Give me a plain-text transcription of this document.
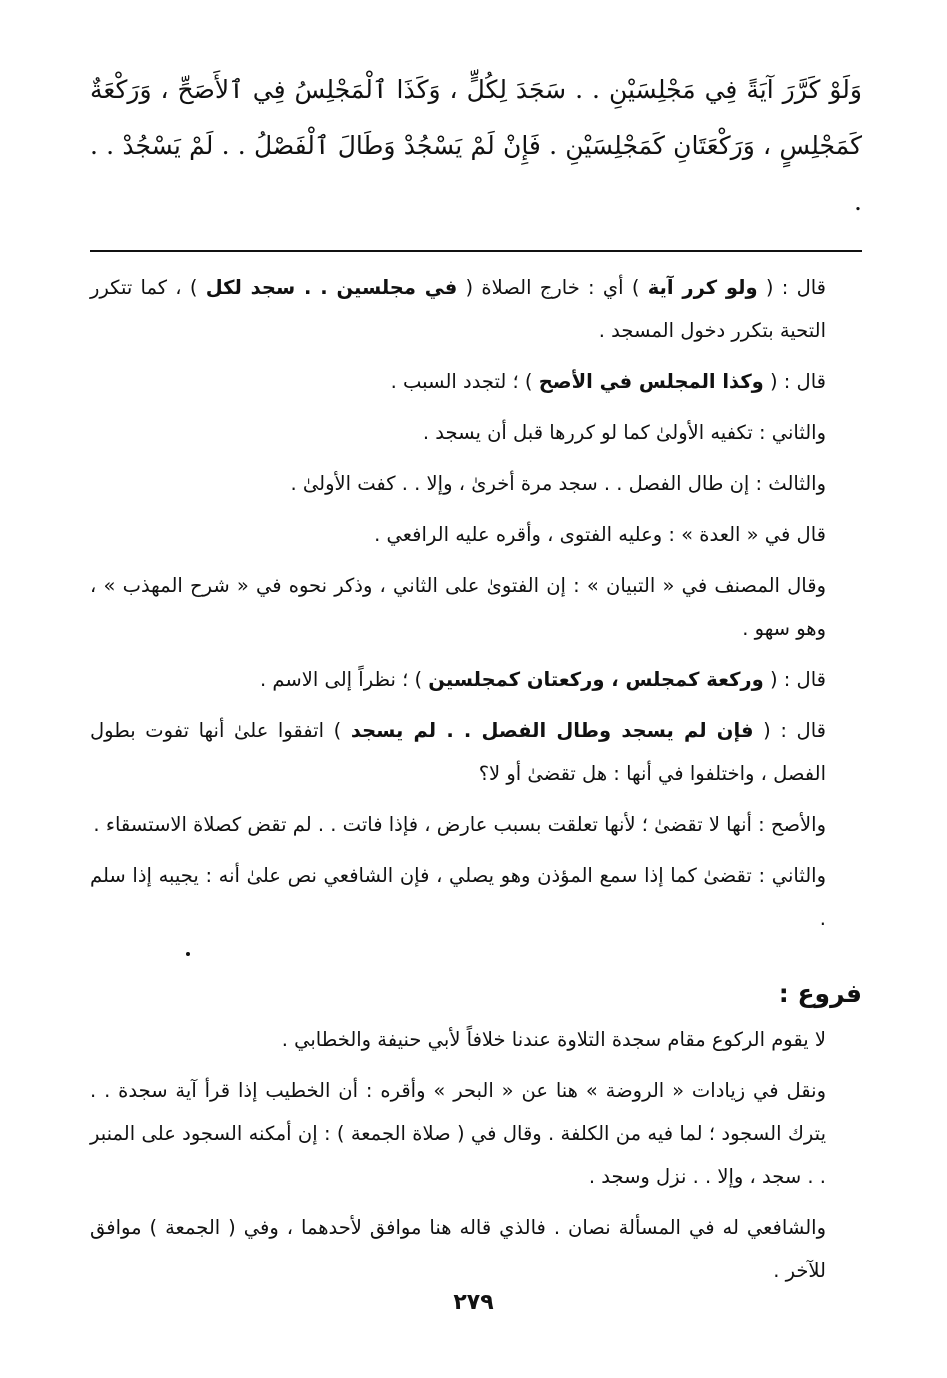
وَلَوْ كَرَّرَ آيَةً فِي مَجْلِسَيْنِ . . سَجَدَ لِكُلٍّ ، وَكَذَا ٱلْمَجْلِسُ فِي ٱلأَصَحِّ ، وَرَكْعَةٌ

كَمَجْلِسٍ ، وَرَكْعَتَانِ كَمَجْلِسَيْنِ . فَإِنْ لَمْ يَسْجُدْ وَطَالَ ٱلْفَصْلُ . . لَمْ يَسْجُدْ . . .

قال : ( ولو كرر آية ) أي : خارج الصلاة ( في مجلسين . . سجد لكل ) ، كما تتكرر التحية بتكرر دخول المسجد .

قال : ( وكذا المجلس في الأصح ) ؛ لتجدد السبب .

والثاني : تكفيه الأولىٰ كما لو كررها قبل أن يسجد .

والثالث : إن طال الفصل . . سجد مرة أخرىٰ ، وإلا . . كفت الأولىٰ .

قال في « العدة » : وعليه الفتوى ، وأقره عليه الرافعي .

وقال المصنف في « التبيان » : إن الفتوىٰ على الثاني ، وذكر نحوه في « شرح المهذب » ، وهو سهو .

قال : ( وركعة كمجلس ، وركعتان كمجلسين ) ؛ نظراً إلى الاسم .

قال : ( فإن لم يسجد وطال الفصل . . لم يسجد ) اتفقوا علىٰ أنها تفوت بطول الفصل ، واختلفوا في أنها : هل تقضىٰ أو لا؟

والأصح : أنها لا تقضىٰ ؛ لأنها تعلقت بسبب عارض ، فإذا فاتت . . لم تقض كصلاة الاستسقاء .

والثاني : تقضىٰ كما إذا سمع المؤذن وهو يصلي ، فإن الشافعي نص علىٰ أنه : يجيبه إذا سلم .

فروع :

لا يقوم الركوع مقام سجدة التلاوة عندنا خلافاً لأبي حنيفة والخطابي .

ونقل في زيادات « الروضة » هنا عن « البحر » وأقره : أن الخطيب إذا قرأ آية سجدة . . يترك السجود ؛ لما فيه من الكلفة . وقال في ( صلاة الجمعة ) : إن أمكنه السجود على المنبر . . سجد ، وإلا . . نزل وسجد .

والشافعي له في المسألة نصان . فالذي قاله هنا موافق لأحدهما ، وفي ( الجمعة ) موافق للآخر .

٢٧٩
